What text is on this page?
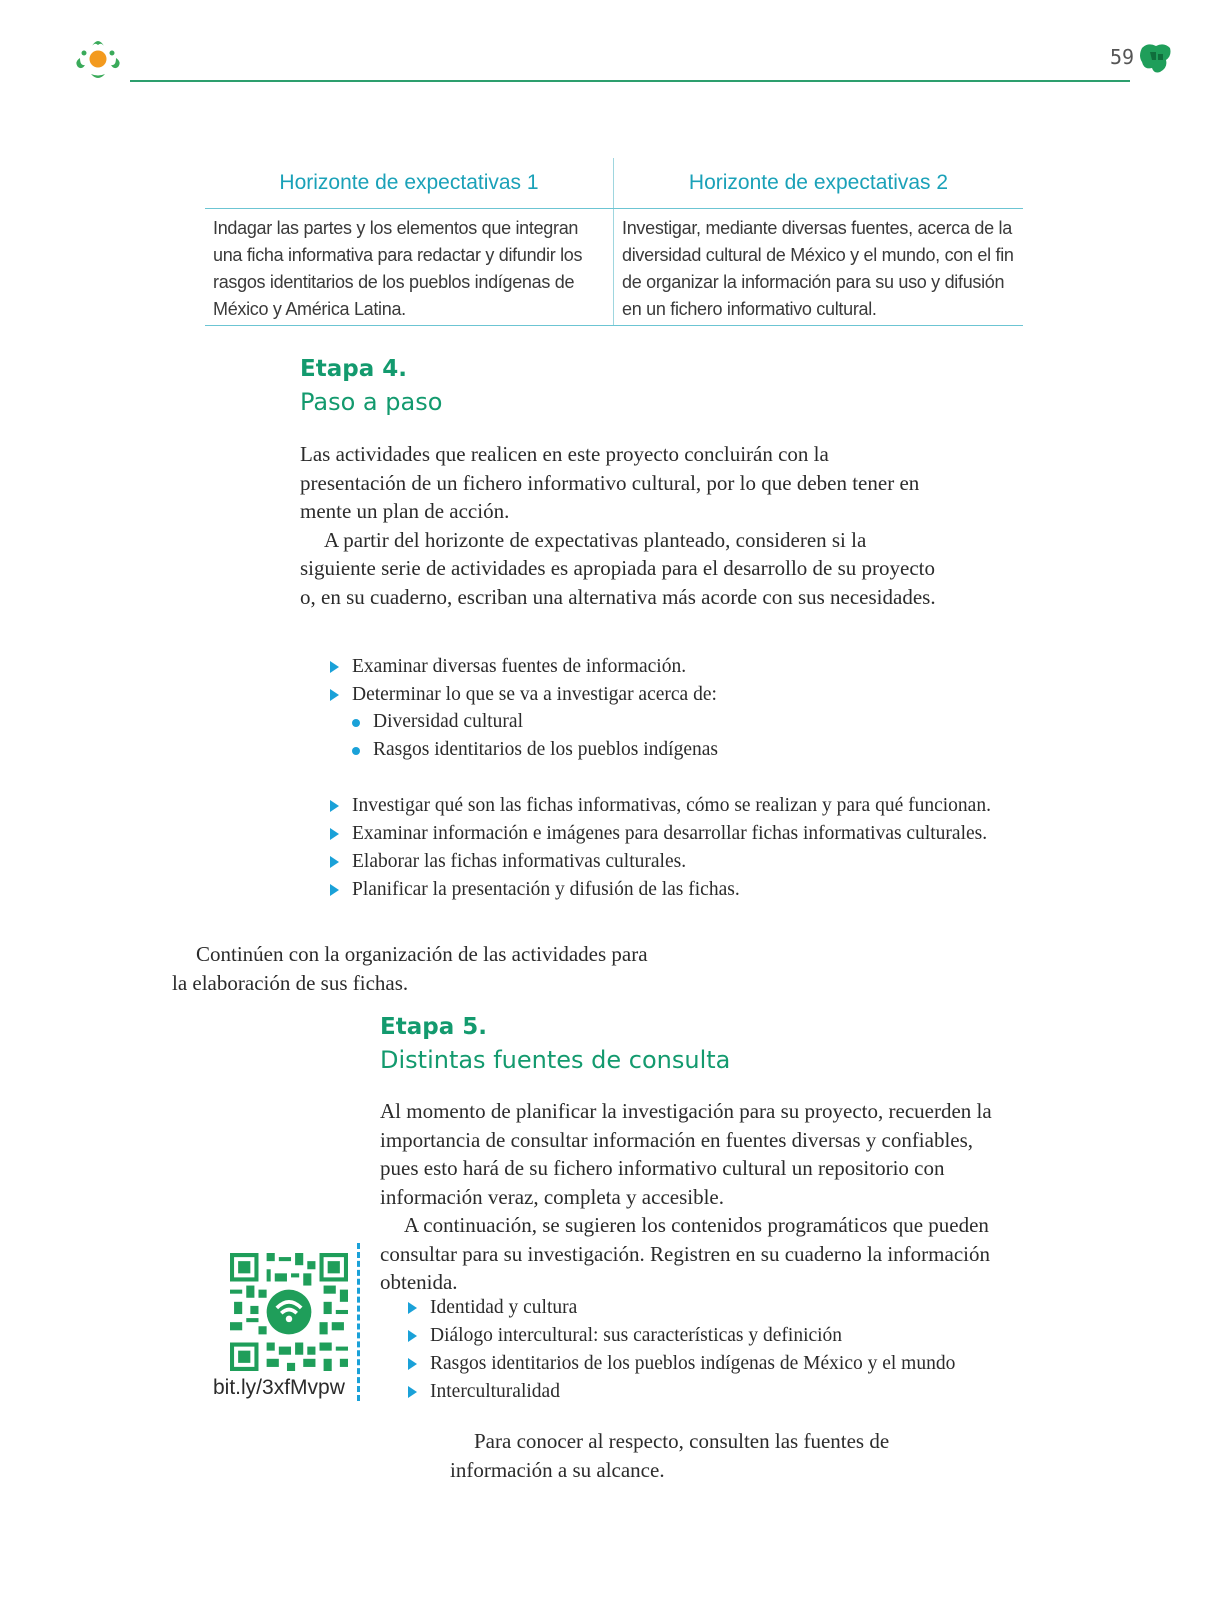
59
Horizonte de expectativas 1	Horizonte de expectativas 2
Indagar las partes y los elementos que integran una ficha informativa para redactar y difundir los rasgos identitarios de los pueblos indígenas de México y América Latina.	Investigar, mediante diversas fuentes, acerca de la diversidad cultural de México y el mundo, con el fin de organizar la información para su uso y difusión en un fichero informativo cultural.
Etapa 4.
Paso a paso

Las actividades que realicen en este proyecto concluirán con la presentación de un fichero informativo cultural, por lo que deben tener en mente un plan de acción.

A partir del horizonte de expectativas planteado, consideren si la siguiente serie de actividades es apropiada para el desarrollo de su proyecto o, en su cuaderno, escriban una alternativa más acorde con sus necesidades.

Examinar diversas fuentes de información.
Determinar lo que se va a investigar acerca de:
Diversidad cultural
Rasgos identitarios de los pueblos indígenas
Investigar qué son las fichas informativas, cómo se realizan y para qué funcionan.
Examinar información e imágenes para desarrollar fichas informativas culturales.
Elaborar las fichas informativas culturales.
Planificar la presentación y difusión de las fichas.

Continúen con la organización de las actividades para la elaboración de sus fichas.

Etapa 5.
Distintas fuentes de consulta

Al momento de planificar la investigación para su proyecto, recuerden la importancia de consultar información en fuentes diversas y confiables, pues esto hará de su fichero informativo cultural un repositorio con información veraz, completa y accesible.

A continuación, se sugieren los contenidos programáticos que pueden consultar para su investigación. Registren en su cuaderno la información obtenida.

Identidad y cultura
Diálogo intercultural: sus características y definición
Rasgos identitarios de los pueblos indígenas de México y el mundo
Interculturalidad

Para conocer al respecto, consulten las fuentes de información a su alcance.

bit.ly/3xfMvpw
